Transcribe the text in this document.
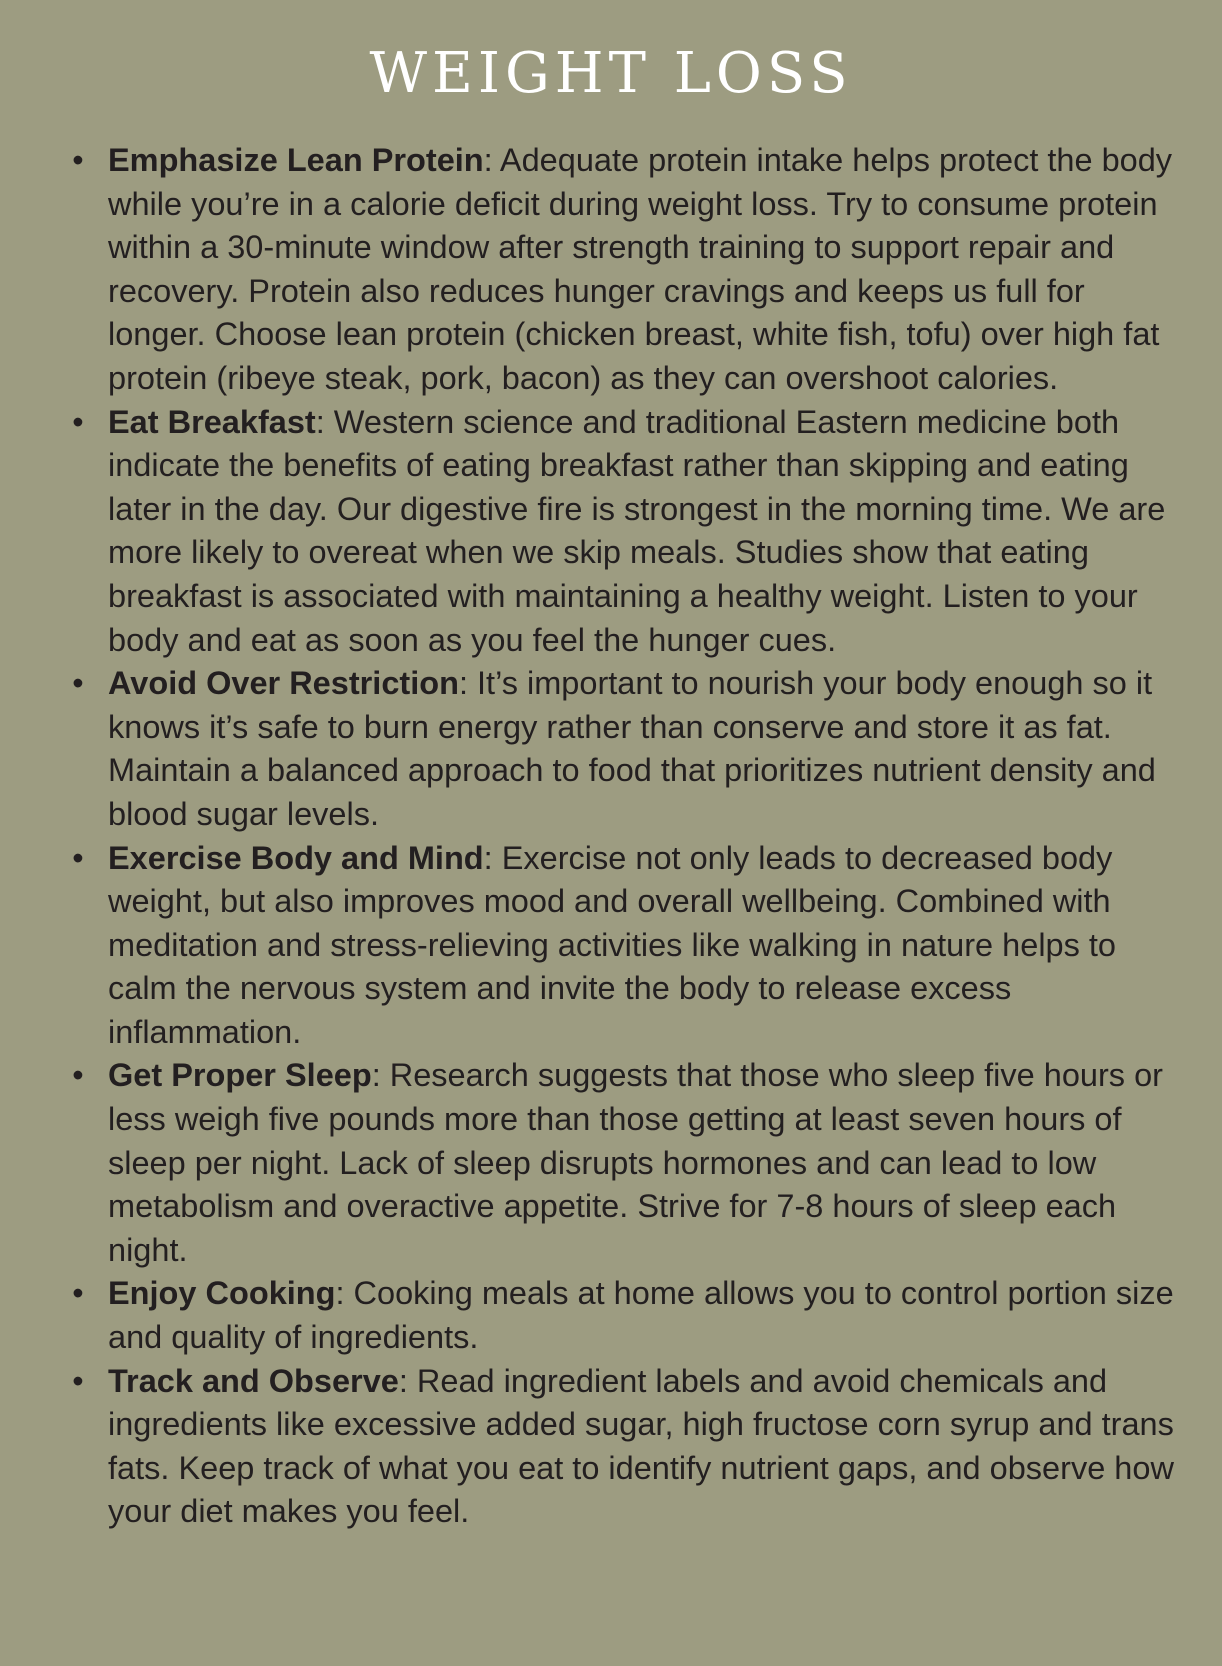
WEIGHT LOSS
• Emphasize Lean Protein: Adequate protein intake helps protect the body while you’re in a calorie deficit during weight loss. Try to consume protein within a 30-minute window after strength training to support repair and recovery. Protein also reduces hunger cravings and keeps us full for longer. Choose lean protein (chicken breast, white fish, tofu) over high fat protein (ribeye steak, pork, bacon) as they can overshoot calories.
• Eat Breakfast: Western science and traditional Eastern medicine both indicate the benefits of eating breakfast rather than skipping and eating later in the day. Our digestive fire is strongest in the morning time. We are more likely to overeat when we skip meals. Studies show that eating breakfast is associated with maintaining a healthy weight. Listen to your body and eat as soon as you feel the hunger cues.
• Avoid Over Restriction: It’s important to nourish your body enough so it knows it’s safe to burn energy rather than conserve and store it as fat. Maintain a balanced approach to food that prioritizes nutrient density and blood sugar levels.
• Exercise Body and Mind: Exercise not only leads to decreased body weight, but also improves mood and overall wellbeing. Combined with meditation and stress-relieving activities like walking in nature helps to calm the nervous system and invite the body to release excess inflammation.
• Get Proper Sleep: Research suggests that those who sleep five hours or less weigh five pounds more than those getting at least seven hours of sleep per night. Lack of sleep disrupts hormones and can lead to low metabolism and overactive appetite. Strive for 7-8 hours of sleep each night.
• Enjoy Cooking: Cooking meals at home allows you to control portion size and quality of ingredients.
• Track and Observe: Read ingredient labels and avoid chemicals and ingredients like excessive added sugar, high fructose corn syrup and trans fats. Keep track of what you eat to identify nutrient gaps, and observe how your diet makes you feel.
